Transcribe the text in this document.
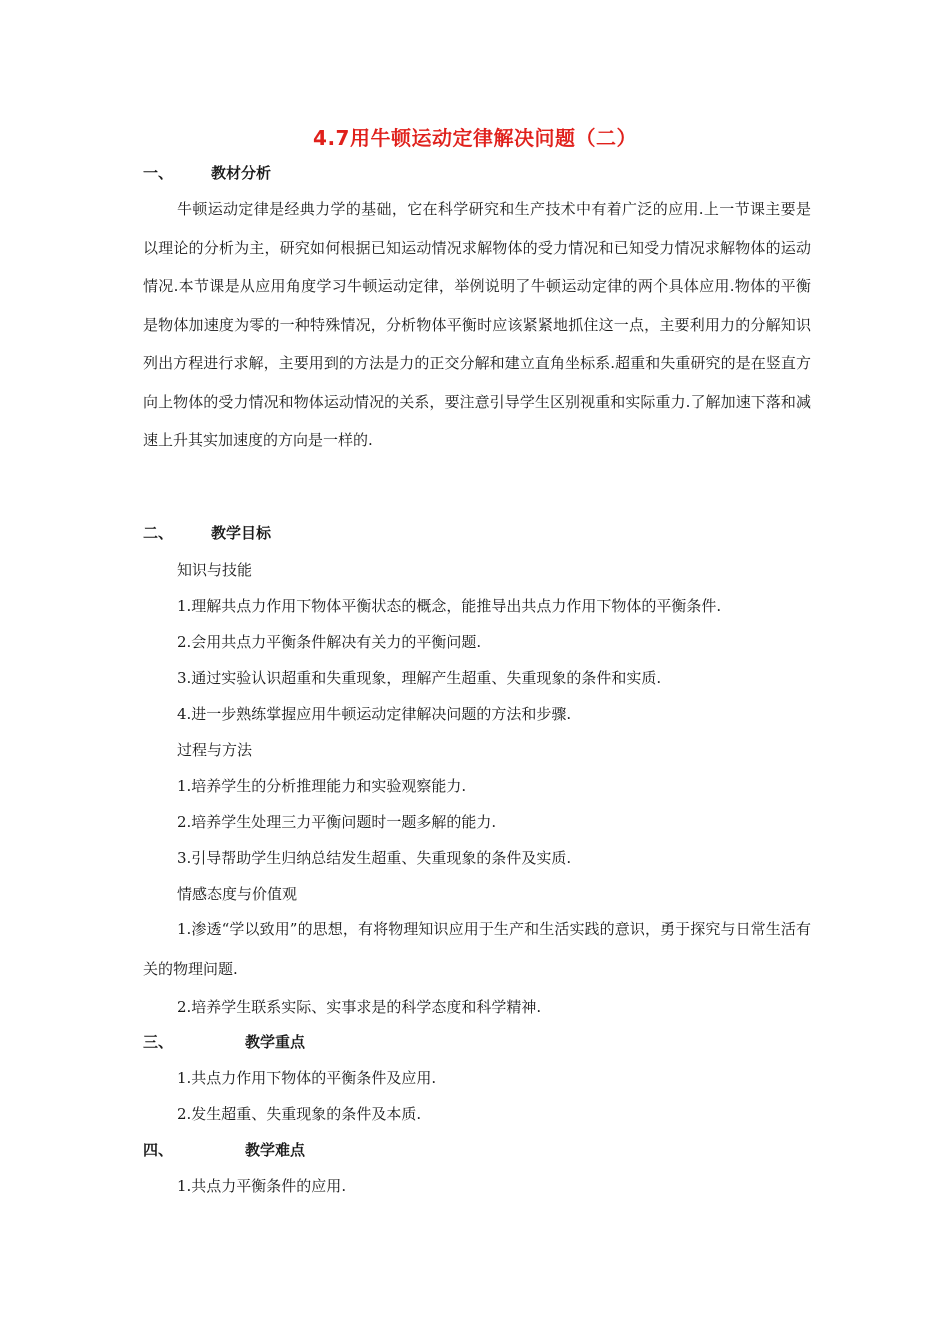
4.7用牛顿运动定律解决问题（二）
一、	教材分析

牛顿运动定律是经典力学的基础，它在科学研究和生产技术中有着广泛的应用.上一节课主要是以理论的分析为主，研究如何根据已知运动情况求解物体的受力情况和已知受力情况求解物体的运动情况.本节课是从应用角度学习牛顿运动定律，举例说明了牛顿运动定律的两个具体应用.物体的平衡是物体加速度为零的一种特殊情况，分析物体平衡时应该紧紧地抓住这一点，主要利用力的分解知识列出方程进行求解，主要用到的方法是力的正交分解和建立直角坐标系.超重和失重研究的是在竖直方向上物体的受力情况和物体运动情况的关系，要注意引导学生区别视重和实际重力.了解加速下落和减速上升其实加速度的方向是一样的.

二、	教学目标
知识与技能
1.理解共点力作用下物体平衡状态的概念，能推导出共点力作用下物体的平衡条件.
2.会用共点力平衡条件解决有关力的平衡问题.
3.通过实验认识超重和失重现象，理解产生超重、失重现象的条件和实质.
4.进一步熟练掌握应用牛顿运动定律解决问题的方法和步骤.
过程与方法
1.培养学生的分析推理能力和实验观察能力.
2.培养学生处理三力平衡问题时一题多解的能力.
3.引导帮助学生归纳总结发生超重、失重现象的条件及实质.
情感态度与价值观

1.渗透“学以致用”的思想，有将物理知识应用于生产和生活实践的意识，勇于探究与日常生活有关的物理问题.

2.培养学生联系实际、实事求是的科学态度和科学精神.
三、	教学重点
1.共点力作用下物体的平衡条件及应用.
2.发生超重、失重现象的条件及本质.
四、	教学难点
1.共点力平衡条件的应用.
